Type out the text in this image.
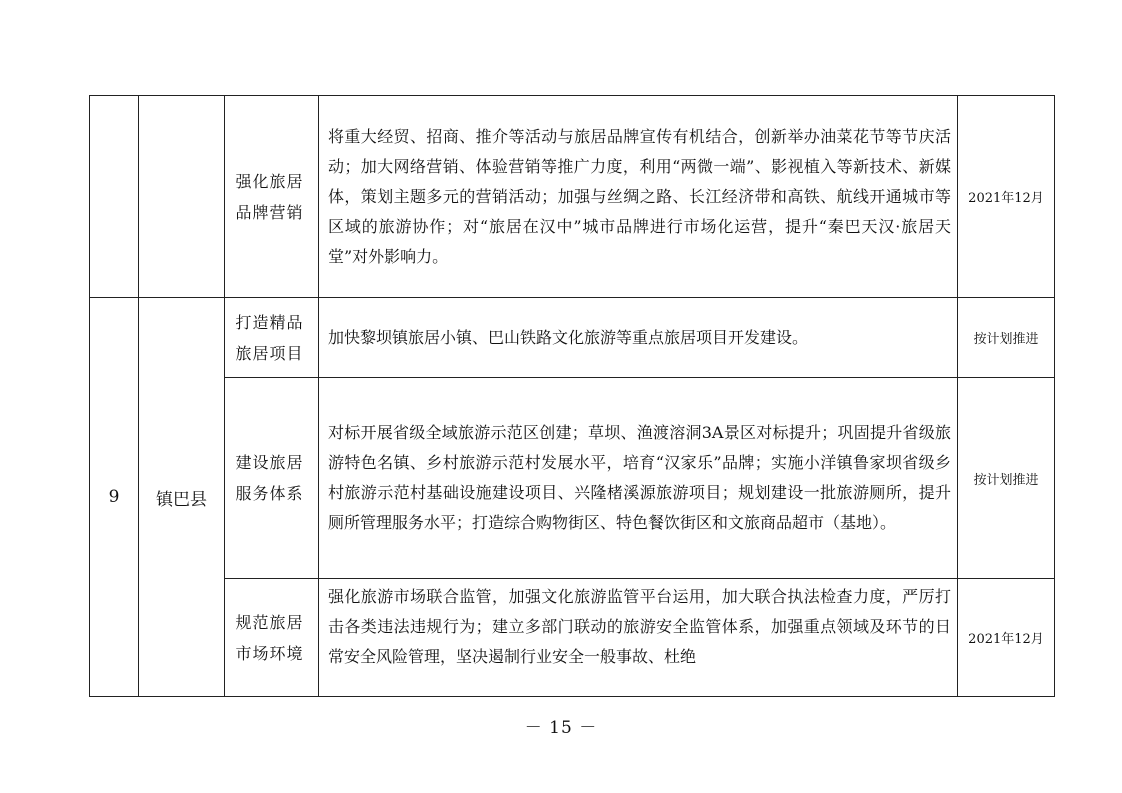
		强化旅居品牌营销	将重大经贸、招商、推介等活动与旅居品牌宣传有机结合，创新举办油菜花节等节庆活动；加大网络营销、体验营销等推广力度，利用“两微一端”、影视植入等新技术、新媒体，策划主题多元的营销活动；加强与丝绸之路、长江经济带和高铁、航线开通城市等区域的旅游协作；对“旅居在汉中”城市品牌进行市场化运营，提升“秦巴天汉·旅居天堂”对外影响力。	2021年12月
9	镇巴县	打造精品旅居项目	加快黎坝镇旅居小镇、巴山铁路文化旅游等重点旅居项目开发建设。	按计划推进
		建设旅居服务体系	对标开展省级全域旅游示范区创建；草坝、渔渡溶洞3A景区对标提升；巩固提升省级旅游特色名镇、乡村旅游示范村发展水平，培育“汉家乐”品牌；实施小洋镇鲁家坝省级乡村旅游示范村基础设施建设项目、兴隆楮溪源旅游项目；规划建设一批旅游厕所，提升厕所管理服务水平；打造综合购物街区、特色餐饮街区和文旅商品超市（基地）。	按计划推进
		规范旅居市场环境	强化旅游市场联合监管，加强文化旅游监管平台运用，加大联合执法检查力度，严厉打击各类违法违规行为；建立多部门联动的旅游安全监管体系，加强重点领域及环节的日常安全风险管理，坚决遏制行业安全一般事故、杜绝	2021年12月
－ 15 －
